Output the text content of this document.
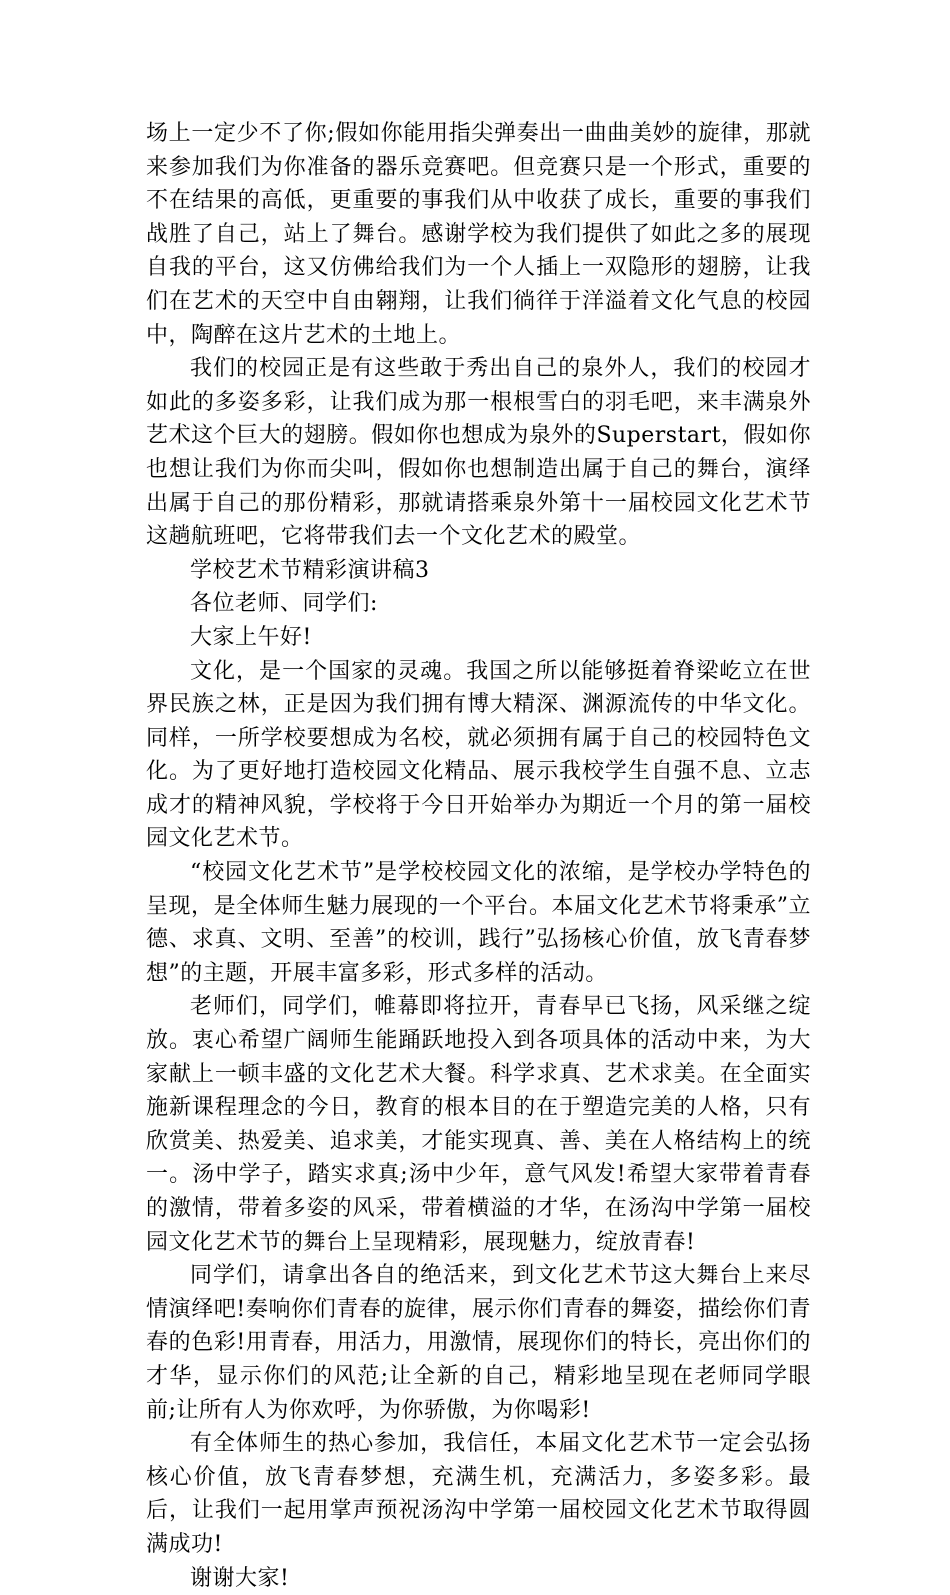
场上一定少不了你;假如你能用指尖弹奏出一曲曲美妙的旋律，那就来参加我们为你准备的器乐竞赛吧。但竞赛只是一个形式，重要的不在结果的高低，更重要的事我们从中收获了成长，重要的事我们战胜了自己，站上了舞台。感谢学校为我们提供了如此之多的展现自我的平台，这又仿佛给我们为一个人插上一双隐形的翅膀，让我们在艺术的天空中自由翱翔，让我们徜徉于洋溢着文化气息的校园中，陶醉在这片艺术的土地上。

我们的校园正是有这些敢于秀出自己的泉外人，我们的校园才如此的多姿多彩，让我们成为那一根根雪白的羽毛吧，来丰满泉外艺术这个巨大的翅膀。假如你也想成为泉外的Superstart，假如你也想让我们为你而尖叫，假如你也想制造出属于自己的舞台，演绎出属于自己的那份精彩，那就请搭乘泉外第十一届校园文化艺术节这趟航班吧，它将带我们去一个文化艺术的殿堂。

学校艺术节精彩演讲稿3

各位老师、同学们:

大家上午好!

文化，是一个国家的灵魂。我国之所以能够挺着脊梁屹立在世界民族之林，正是因为我们拥有博大精深、渊源流传的中华文化。同样，一所学校要想成为名校，就必须拥有属于自己的校园特色文化。为了更好地打造校园文化精品、展示我校学生自强不息、立志成才的精神风貌，学校将于今日开始举办为期近一个月的第一届校园文化艺术节。

“校园文化艺术节”是学校校园文化的浓缩，是学校办学特色的呈现，是全体师生魅力展现的一个平台。本届文化艺术节将秉承”立德、求真、文明、至善”的校训，践行”弘扬核心价值，放飞青春梦想”的主题，开展丰富多彩，形式多样的活动。

老师们，同学们，帷幕即将拉开，青春早已飞扬，风采继之绽放。衷心希望广阔师生能踊跃地投入到各项具体的活动中来，为大家献上一顿丰盛的文化艺术大餐。科学求真、艺术求美。在全面实施新课程理念的今日，教育的根本目的在于塑造完美的人格，只有欣赏美、热爱美、追求美，才能实现真、善、美在人格结构上的统一。汤中学子，踏实求真;汤中少年，意气风发!希望大家带着青春的激情，带着多姿的风采，带着横溢的才华，在汤沟中学第一届校园文化艺术节的舞台上呈现精彩，展现魅力，绽放青春!

同学们，请拿出各自的绝活来，到文化艺术节这大舞台上来尽情演绎吧!奏响你们青春的旋律，展示你们青春的舞姿，描绘你们青春的色彩!用青春，用活力，用激情，展现你们的特长，亮出你们的才华，显示你们的风范;让全新的自己，精彩地呈现在老师同学眼前;让所有人为你欢呼，为你骄傲，为你喝彩!

有全体师生的热心参加，我信任，本届文化艺术节一定会弘扬核心价值，放飞青春梦想，充满生机，充满活力，多姿多彩。最后，让我们一起用掌声预祝汤沟中学第一届校园文化艺术节取得圆满成功!

谢谢大家!
